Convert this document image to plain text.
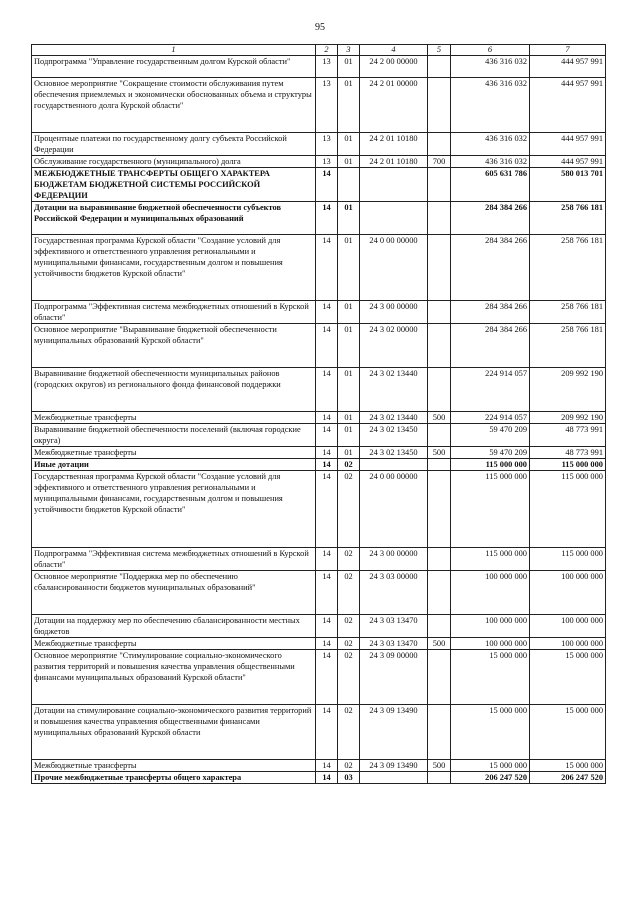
95
1	2	3	4	5	6	7
Подпрограмма "Управление государственным долгом Курской области"	13	01	24 2 00 00000		436 316 032	444 957 991
Основное мероприятие "Сокращение стоимости обслуживания путем обеспечения приемлемых и экономически обоснованных объема и структуры государственного долга Курской области"	13	01	24 2 01 00000		436 316 032	444 957 991
Процентные платежи по государственному долгу субъекта Российской Федерации	13	01	24 2 01 10180		436 316 032	444 957 991
Обслуживание государственного (муниципального) долга	13	01	24 2 01 10180	700	436 316 032	444 957 991
МЕЖБЮДЖЕТНЫЕ ТРАНСФЕРТЫ ОБЩЕГО ХАРАКТЕРА БЮДЖЕТАМ БЮДЖЕТНОЙ СИСТЕМЫ РОССИЙСКОЙ ФЕДЕРАЦИИ	14				605 631 786	580 013 701
Дотации на выравнивание бюджетной обеспеченности субъектов Российской Федерации и муниципальных образований	14	01			284 384 266	258 766 181
Государственная программа Курской области "Создание условий для эффективного и ответственного управления региональными и муниципальными финансами, государственным долгом и повышения устойчивости бюджетов Курской области"	14	01	24 0 00 00000		284 384 266	258 766 181
Подпрограмма "Эффективная система межбюджетных отношений в Курской области"	14	01	24 3 00 00000		284 384 266	258 766 181
Основное мероприятие "Выравнивание бюджетной обеспеченности муниципальных образований Курской области"	14	01	24 3 02 00000		284 384 266	258 766 181
Выравнивание бюджетной обеспеченности муниципальных районов (городских округов) из регионального фонда финансовой поддержки	14	01	24 3 02 13440		224 914 057	209 992 190
Межбюджетные трансферты	14	01	24 3 02 13440	500	224 914 057	209 992 190
Выравнивание бюджетной обеспеченности поселений (включая городские округа)	14	01	24 3 02 13450		59 470 209	48 773 991
Межбюджетные трансферты	14	01	24 3 02 13450	500	59 470 209	48 773 991
Иные дотации	14	02			115 000 000	115 000 000
Государственная программа Курской области "Создание условий для эффективного и ответственного управления региональными и муниципальными финансами, государственным долгом и повышения устойчивости бюджетов Курской области"	14	02	24 0 00 00000		115 000 000	115 000 000
Подпрограмма "Эффективная система межбюджетных отношений в Курской области"	14	02	24 3 00 00000		115 000 000	115 000 000
Основное мероприятие "Поддержка мер по обеспечению сбалансированности бюджетов муниципальных образований"	14	02	24 3 03 00000		100 000 000	100 000 000
Дотации на поддержку мер по обеспечению сбалансированности местных бюджетов	14	02	24 3 03 13470		100 000 000	100 000 000
Межбюджетные трансферты	14	02	24 3 03 13470	500	100 000 000	100 000 000
Основное мероприятие "Стимулирование социально-экономического развития территорий и повышения качества управления общественными финансами муниципальных образований Курской области"	14	02	24 3 09 00000		15 000 000	15 000 000
Дотации на стимулирование социально-экономического развития территорий и повышения качества управления общественными финансами муниципальных образований Курской области	14	02	24 3 09 13490		15 000 000	15 000 000
Межбюджетные трансферты	14	02	24 3 09 13490	500	15 000 000	15 000 000
Прочие межбюджетные трансферты общего характера	14	03			206 247 520	206 247 520
